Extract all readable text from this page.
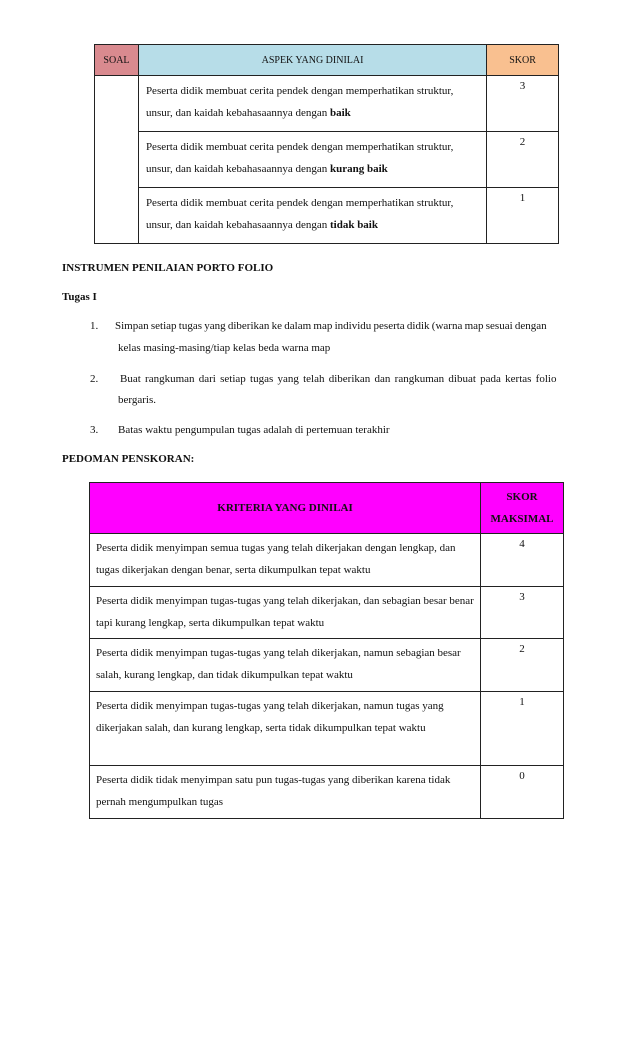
SOAL	ASPEK YANG DINILAI	SKOR

	Peserta didik membuat cerita pendek dengan memperhatikan struktur, unsur, dan kaidah kebahasaannya dengan baik	3

	Peserta didik membuat cerita pendek dengan memperhatikan struktur, unsur, dan kaidah kebahasaannya dengan kurang baik	2

	Peserta didik membuat cerita pendek dengan memperhatikan struktur, unsur, dan kaidah kebahasaannya dengan tidak baik	1
INSTRUMEN PENILAIAN PORTO FOLIO
Tugas I
1. Simpan setiap tugas yang diberikan ke dalam map individu peserta didik (warna map sesuai dengan
kelas masing-masing/tiap kelas beda warna map
2. Buat rangkuman dari setiap tugas yang telah diberikan dan rangkuman dibuat pada kertas folio
bergaris.
3. Batas waktu pengumpulan tugas adalah di pertemuan terakhir
PEDOMAN PENSKORAN:
KRITERIA YANG DINILAI	SKOR MAKSIMAL

Peserta didik menyimpan semua tugas yang telah dikerjakan dengan lengkap, dan tugas dikerjakan dengan benar, serta dikumpulkan tepat waktu	4

Peserta didik menyimpan tugas-tugas yang telah dikerjakan, dan sebagian besar benar tapi kurang lengkap, serta dikumpulkan tepat waktu	3

Peserta didik menyimpan tugas-tugas yang telah dikerjakan, namun sebagian besar salah, kurang lengkap, dan tidak dikumpulkan tepat waktu	2

Peserta didik menyimpan tugas-tugas yang telah dikerjakan, namun tugas yang dikerjakan salah, dan kurang lengkap, serta tidak dikumpulkan tepat waktu	1

Peserta didik tidak menyimpan satu pun tugas-tugas yang diberikan karena tidak pernah mengumpulkan tugas	0
